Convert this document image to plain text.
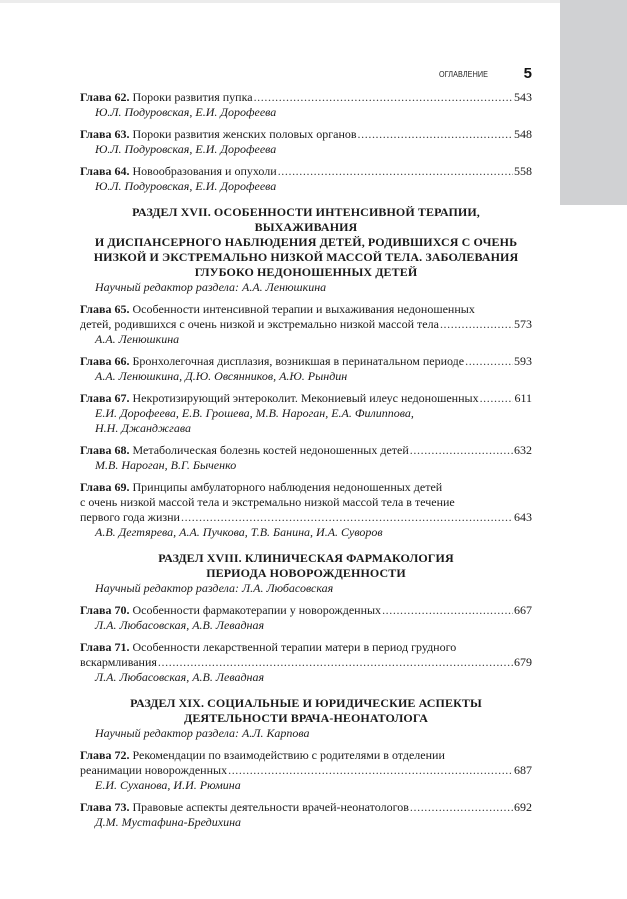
ОГЛАВЛЕНИЕ 5
Глава 62. Пороки развития пупка .....	543
Ю.Л. Подуровская, Е.И. Дорофеева
Глава 63. Пороки развития женских половых органов .....	548
Ю.Л. Подуровская, Е.И. Дорофеева
Глава 64. Новообразования и опухоли .....	558
Ю.Л. Подуровская, Е.И. Дорофеева
РАЗДЕЛ XVII. ОСОБЕННОСТИ ИНТЕНСИВНОЙ ТЕРАПИИ, ВЫХАЖИВАНИЯ
И ДИСПАНСЕРНОГО НАБЛЮДЕНИЯ ДЕТЕЙ, РОДИВШИХСЯ С ОЧЕНЬ
НИЗКОЙ И ЭКСТРЕМАЛЬНО НИЗКОЙ МАССОЙ ТЕЛА. ЗАБОЛЕВАНИЯ
ГЛУБОКО НЕДОНОШЕННЫХ ДЕТЕЙ
Научный редактор раздела: А.А. Ленюшкина
Глава 65. Особенности интенсивной терапии и выхаживания недоношенных
детей, родившихся с очень низкой и экстремально низкой массой тела .....	573
А.А. Ленюшкина
Глава 66. Бронхолегочная дисплазия, возникшая в перинатальном периоде .....	593
А.А. Ленюшкина, Д.Ю. Овсянников, А.Ю. Рындин
Глава 67. Некротизирующий энтероколит. Мекониевый илеус недоношенных .....	611
Е.И. Дорофеева, Е.В. Грошева, М.В. Нароган, Е.А. Филиппова,
Н.Н. Джанджгава
Глава 68. Метаболическая болезнь костей недоношенных детей .....	632
М.В. Нароган, В.Г. Быченко
Глава 69. Принципы амбулаторного наблюдения недоношенных детей
с очень низкой массой тела и экстремально низкой массой тела в течение
первого года жизни .....	643
А.В. Дегтярева, А.А. Пучкова, Т.В. Банина, И.А. Суворов
РАЗДЕЛ XVIII. КЛИНИЧЕСКАЯ ФАРМАКОЛОГИЯ
ПЕРИОДА НОВОРОЖДЕННОСТИ
Научный редактор раздела: Л.А. Любасовская
Глава 70. Особенности фармакотерапии у новорожденных .....	667
Л.А. Любасовская, А.В. Левадная
Глава 71. Особенности лекарственной терапии матери в период грудного
вскармливания .....	679
Л.А. Любасовская, А.В. Левадная
РАЗДЕЛ XIX. СОЦИАЛЬНЫЕ И ЮРИДИЧЕСКИЕ АСПЕКТЫ
ДЕЯТЕЛЬНОСТИ ВРАЧА-НЕОНАТОЛОГА
Научный редактор раздела: А.Л. Карпова
Глава 72. Рекомендации по взаимодействию с родителями в отделении
реанимации новорожденных .....	687
Е.И. Суханова, И.И. Рюмина
Глава 73. Правовые аспекты деятельности врачей-неонатологов .....	692
Д.М. Мустафина-Бредихина
